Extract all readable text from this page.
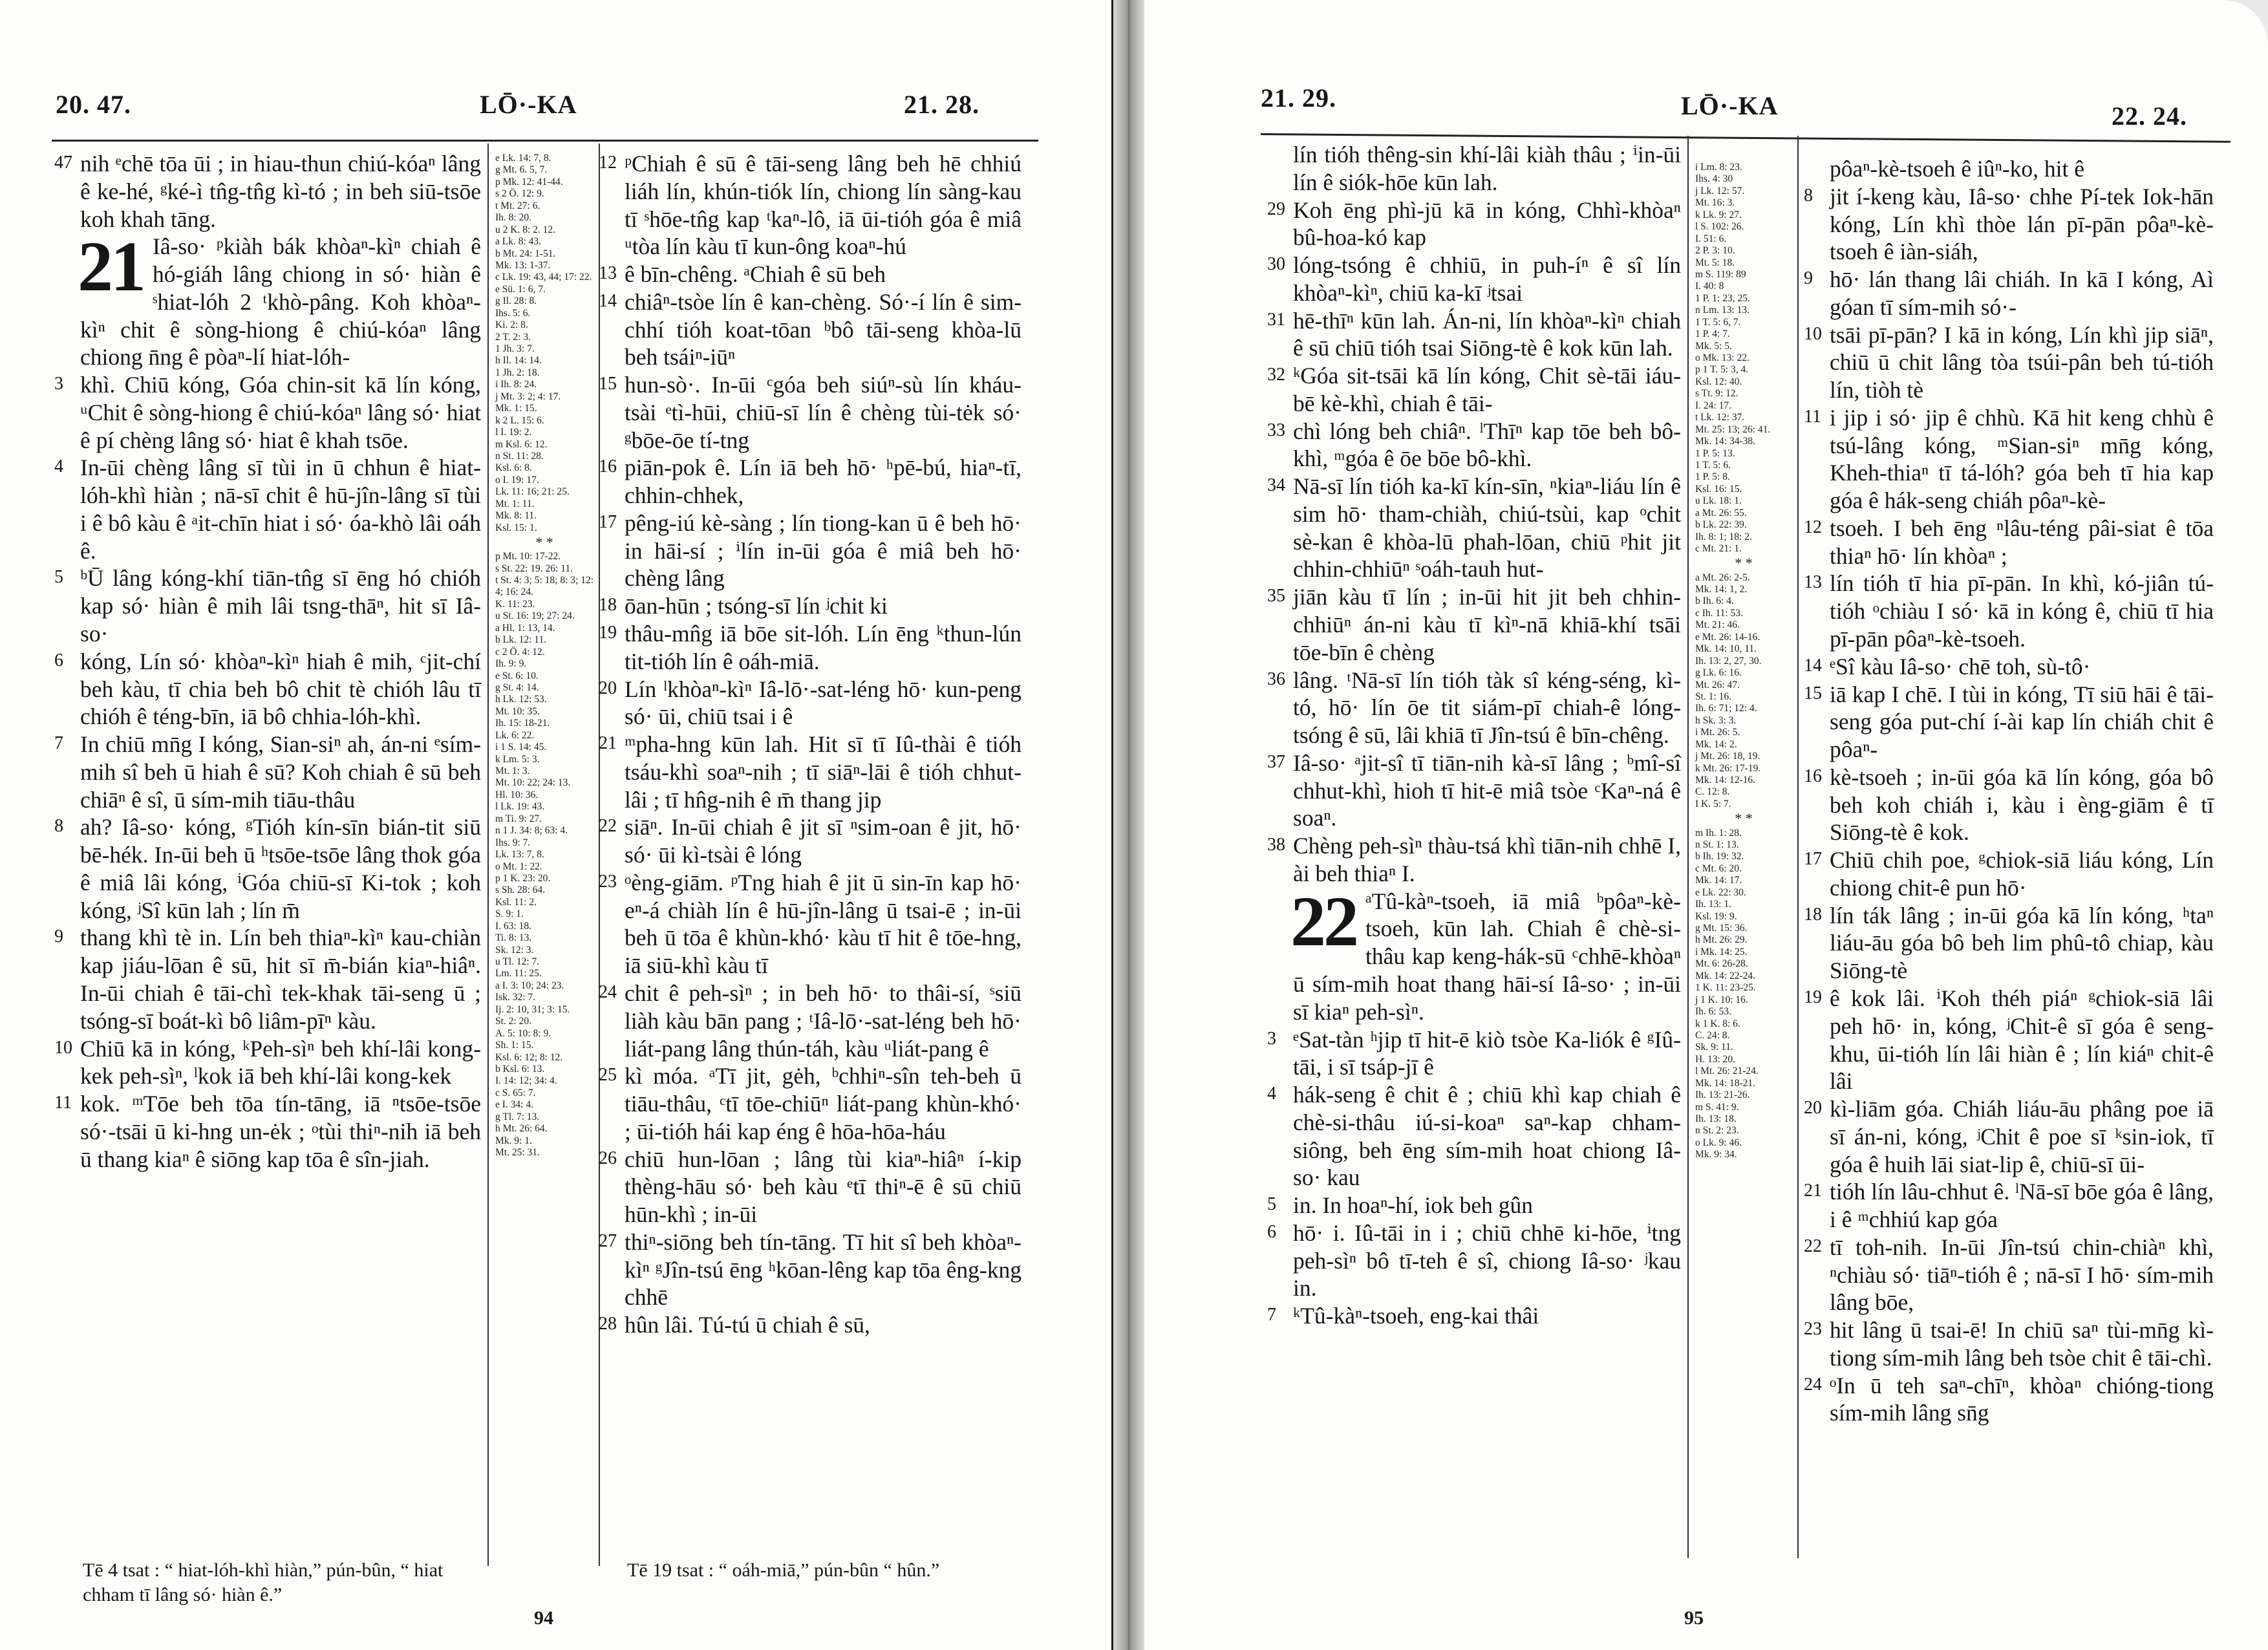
20. 47.	LŌ·-KA	21. 28.

47 nih ᵉchē tōa ūi ; in hiau-thun chiú-kóaⁿ lâng ê ke-hé, ᵍké-ì tn̂g-tn̂g kì-tó ; in beh siū-tsōe koh khah tāng.

21 Iâ-so· ᵖkiàh bák khòaⁿ-kìⁿ chiah ê hó-giáh lâng chiong in só· hiàn ê ˢhiat-lóh 2 ᵗkhò-pâng. Koh khòaⁿ-kìⁿ chit ê sòng-hiong ê chiú-kóaⁿ lâng chiong n̄ng ê pòaⁿ-lí hiat-lóh-

3 khì. Chiū kóng, Góa chin-sit kā lín kóng, ᵘChit ê sòng-hiong ê chiú-kóaⁿ lâng só· hiat ê pí chèng lâng só· hiat ê khah tsōe.

4 In-ūi chèng lâng sī tùi in ū chhun ê hiat-lóh-khì hiàn ; nā-sī chit ê hū-jîn-lâng sī tùi i ê bô kàu ê ᵃit-chīn hiat i só· óa-khò lâi oáh ê.

5 ᵇŪ lâng kóng-khí tiān-tn̂g sī ēng hó chióh kap só· hiàn ê mih lâi tsng-thāⁿ, hit sī Iâ-so·

6 kóng, Lín só· khòaⁿ-kìⁿ hiah ê mih, ᶜjit-chí beh kàu, tī chia beh bô chit tè chióh lâu tī chióh ê téng-bīn, iā bô chhia-lóh-khì.

7 In chiū mn̄g I kóng, Sian-siⁿ ah, án-ni ᵉsím-mih sî beh ū hiah ê sū? Koh chiah ê sū beh chiāⁿ ê sî, ū sím-mih tiāu-thâu

8 ah? Iâ-so· kóng, ᵍTióh kín-sīn bián-tit siū bē-hék. In-ūi beh ū ʰtsōe-tsōe lâng thok góa ê miâ lâi kóng, ⁱGóa chiū-sī Ki-tok ; koh kóng, ʲSî kūn lah ; lín m̄

9 thang khì tè in. Lín beh thiaⁿ-kìⁿ kau-chiàn kap jiáu-lōan ê sū, hit sī m̄-bián kiaⁿ-hiâⁿ. In-ūi chiah ê tāi-chì tek-khak tāi-seng ū ; tsóng-sī boát-kì bô liâm-pīⁿ kàu.

10 Chiū kā in kóng, ᵏPeh-sìⁿ beh khí-lâi kong-kek peh-sìⁿ, ˡkok iā beh khí-lâi kong-kek

11 kok. ᵐTōe beh tōa tín-tāng, iā ⁿtsōe-tsōe só·-tsāi ū ki-hng un-ėk ; ᵒtùi thiⁿ-nih iā beh ū thang kiaⁿ ê siōng kap tōa ê sîn-jiah.

e Lk. 14: 7, 8.
g Mt. 6. 5, 7.
p Mk. 12: 41-44.
s 2 Ö. 12: 9.
t Mt. 27: 6.
Ih. 8: 20.
u 2 K. 8: 2. 12.
a Lk. 8: 43.
b Mt. 24: 1-51.
Mk. 13: 1-37.
c Lk. 19: 43, 44; 17: 22.
e Sü. 1: 6, 7.
g Il. 28: 8.
Ihs. 5: 6.
Ki. 2: 8.
2 T. 2: 3.
1 Jh. 3: 7.
h Il. 14: 14.
1 Jh. 2: 18.
i Ih. 8: 24.
j Mt. 3: 2; 4: 17.
Mk. 1: 15.
k 2 L. 15: 6.
l I. 19: 2.
m Ksl. 6: 12.
n St. 11: 28.
Ksl. 6: 8.
o I. 19: 17.
Lk. 11: 16; 21: 25.
Mt. 1: 11.
Mk. 8: 11.
Ksl. 15: 1.
* *
p Mt. 10: 17-22.
s St. 22: 19. 26: 11.
t St. 4: 3; 5: 18; 8: 3; 12: 4; 16: 24.
K. 11: 23.
u St. 16: 19; 27: 24.
a Hl. 1: 13, 14.
b Lk. 12: 11.
c 2 Ö. 4: 12.
Ih. 9: 9.
e St. 6: 10.
g St. 4: 14.
h Lk. 12: 53.
Mt. 10: 35.
Ih. 15: 18-21.
Lk. 6: 22.
i 1 S. 14: 45.
k Lm. 5: 3.
Mt. 1: 3.
Mt. 10: 22; 24: 13.
Hl. 10: 36.
l Lk. 19: 43.
m Ti. 9: 27.
n 1 J. 34: 8; 63: 4.
Ihs. 9: 7.
Lk. 13: 7, 8.
o Mt. 1: 22.
p 1 K. 23: 20.
s Sh. 28: 64.
Ksl. 11: 2.
S. 9: 1.
I. 63: 18.
Ti. 8: 13.
Sk. 12: 3.
u Tl. 12: 7.
Lm. 11: 25.
a I. 3: 10; 24: 23.
Isk. 32: 7.
Ij. 2: 10, 31; 3: 15.
St. 2: 20.
A. 5: 10: 8: 9.
Sh. 1: 15.
Ksl. 6: 12; 8: 12.
b Ksl. 6: 13.
I. 14: 12; 34: 4.
c S. 65: 7.
e I. 34: 4.
g Tl. 7: 13.
h Mt. 26: 64.
Mk. 9: 1.
Mt. 25: 31.

12 ᵖChiah ê sū ê tāi-seng lâng beh hē chhiú liáh lín, khún-tiók lín, chiong lín sàng-kau tī ˢhōe-tn̂g kap ᵗkaⁿ-lô, iā ūi-tióh góa ê miâ ᵘtòa lín kàu tī kun-ông koaⁿ-hú

13 ê bīn-chêng. ᵃChiah ê sū beh

14 chiâⁿ-tsòe lín ê kan-chèng. Só·-í lín ê sim-chhí tióh koat-tōan ᵇbô tāi-seng khòa-lū beh tsáiⁿ-iūⁿ

15 hun-sò·. In-ūi ᶜgóa beh siúⁿ-sù lín kháu-tsài ᵉtì-hūi, chiū-sī lín ê chèng tùi-tėk só· ᵍbōe-ōe tí-tng

16 piān-pok ê. Lín iā beh hō· ʰpē-bú, hiaⁿ-tī, chhin-chhek,

17 pêng-iú kè-sàng ; lín tiong-kan ū ê beh hō· in hāi-sí ; ⁱlín in-ūi góa ê miâ beh hō· chèng lâng

18 ōan-hūn ; tsóng-sī lín ʲchit ki

19 thâu-mn̂g iā bōe sit-lóh. Lín ēng ᵏthun-lún tit-tióh lín ê oáh-miā.

20 Lín ˡkhòaⁿ-kìⁿ Iâ-lō·-sat-léng hō· kun-peng só· ūi, chiū tsai i ê

21 ᵐpha-hng kūn lah. Hit sī tī Iû-thài ê tióh tsáu-khì soaⁿ-nih ; tī siāⁿ-lāi ê tióh chhut-lâi ; tī hn̂g-nih ê m̄ thang jip

22 siāⁿ. In-ūi chiah ê jit sī ⁿsim-oan ê jit, hō· só· ūi kì-tsài ê lóng

23 ᵒèng-giām. ᵖTng hiah ê jit ū sin-īn kap hō· eⁿ-á chiàh lín ê hū-jîn-lâng ū tsai-ē ; in-ūi beh ū tōa ê khùn-khó· kàu tī hit ê tōe-hng, iā siū-khì kàu tī

24 chit ê peh-sìⁿ ; in beh hō· to thâi-sí, ˢsiū liàh kàu bān pang ; ᵗIâ-lō·-sat-léng beh hō· liát-pang lâng thún-táh, kàu ᵘliát-pang ê

25 kì móa. ᵃTī jit, gėh, ᵇchhiⁿ-sîn teh-beh ū tiāu-thâu, ᶜtī tōe-chiūⁿ liát-pang khùn-khó· ; ūi-tióh hái kap éng ê hōa-hōa-háu

26 chiū hun-lōan ; lâng tùi kiaⁿ-hiâⁿ í-kip thèng-hāu só· beh kàu ᵉtī thiⁿ-ē ê sū chiū hūn-khì ; in-ūi

27 thiⁿ-siōng beh tín-tāng. Tī hit sî beh khòaⁿ-kìⁿ ᵍJîn-tsú ēng ʰkōan-lêng kap tōa êng-kng chhē

28 hûn lâi. Tú-tú ū chiah ê sū,

Tē 4 tsat : “ hiat-lóh-khì hiàn,” pún-bûn, “ hiat chham tī lâng só· hiàn ê.”
Tē 19 tsat : “ oáh-miā,” pún-bûn “ hûn.”
94
21. 29.	LŌ·-KA	22. 24.

lín tióh thêng-sin khí-lâi kiàh thâu ; ⁱin-ūi lín ê siók-hōe kūn lah.

29 Koh ēng phì-jū kā in kóng, Chhì-khòaⁿ bû-hoa-kó kap

30 lóng-tsóng ê chhiū, in puh-íⁿ ê sî lín khòaⁿ-kìⁿ, chiū ka-kī ʲtsai

31 hē-thīⁿ kūn lah. Án-ni, lín khòaⁿ-kìⁿ chiah ê sū chiū tióh tsai Siōng-tè ê kok kūn lah.

32 ᵏGóa sit-tsāi kā lín kóng, Chit sè-tāi iáu-bē kè-khì, chiah ê tāi-

33 chì lóng beh chiâⁿ. ˡThīⁿ kap tōe beh bô-khì, ᵐgóa ê ōe bōe bô-khì.

34 Nā-sī lín tióh ka-kī kín-sīn, ⁿkiaⁿ-liáu lín ê sim hō· tham-chiàh, chiú-tsùi, kap ᵒchit sè-kan ê khòa-lū phah-lōan, chiū ᵖhit jit chhin-chhiūⁿ ˢoáh-tauh hut-

35 jiān kàu tī lín ; in-ūi hit jit beh chhin-chhiūⁿ án-ni kàu tī kìⁿ-nā khiā-khí tsāi tōe-bīn ê chèng

36 lâng. ᵗNā-sī lín tióh tàk sî kéng-séng, kì-tó, hō· lín ōe tit siám-pī chiah-ê lóng-tsóng ê sū, lâi khiā tī Jîn-tsú ê bīn-chêng.

37 Iâ-so· ᵃjit-sî tī tiān-nih kà-sī lâng ; ᵇmî-sî chhut-khì, hioh tī hit-ē miâ tsòe ᶜKaⁿ-ná ê soaⁿ.

38 Chèng peh-sìⁿ thàu-tsá khì tiān-nih chhē I, ài beh thiaⁿ I.

22 ᵃTû-kàⁿ-tsoeh, iā miâ ᵇpôaⁿ-kè-tsoeh, kūn lah. Chiah ê chè-si-thâu kap keng-hák-sū ᶜchhē-khòaⁿ ū sím-mih hoat thang hāi-sí Iâ-so· ; in-ūi sī kiaⁿ peh-sìⁿ.

3 ᵉSat-tàn ʰjip tī hit-ē kiò tsòe Ka-liók ê ᵍIû-tāi, i sī tsáp-jī ê

4 hák-seng ê chit ê ; chiū khì kap chiah ê chè-si-thâu iú-si-koaⁿ saⁿ-kap chham-siông, beh ēng sím-mih hoat chiong Iâ-so· kau

5 in. In hoaⁿ-hí, iok beh gûn

6 hō· i. Iû-tāi in i ; chiū chhē ki-hōe, ⁱtng peh-sìⁿ bô tī-teh ê sî, chiong Iâ-so· ʲkau in.

7 ᵏTû-kàⁿ-tsoeh, eng-kai thâi

i Lm. 8: 23.
Ihs. 4: 30
j Lk. 12: 57.
Mt. 16: 3.
k Lk. 9: 27.
l S. 102: 26.
I. 51: 6.
2 P. 3: 10.
Mt. 5: 18.
m S. 119: 89
I. 40: 8
1 P. 1: 23, 25.
n Lm. 13: 13.
1 T. 5: 6, 7.
1 P. 4: 7.
Mk. 5: 5.
o Mk. 13: 22.
p 1 T. 5: 3, 4.
Ksl. 12: 40.
s Tt. 9: 12.
I. 24: 17.
t Lk. 12: 37.
Mt. 25: 13; 26: 41.
Mk. 14: 34-38.
1 P. 5: 13.
1 T. 5: 6.
1 P. 5: 8.
Ksl. 16: 15.
u Lk. 18: 1.
a Mt. 26: 55.
b Lk. 22: 39.
Ih. 8: 1; 18: 2.
c Mt. 21: 1.
* *
a Mt. 26: 2-5.
Mk. 14: 1, 2.
b Ih. 6: 4.
c Ih. 11: 53.
Mt. 21: 46.
e Mt. 26: 14-16.
Mk. 14: 10, 11.
Ih. 13: 2, 27, 30.
g Lk. 6: 16.
Mt. 26: 47.
St. 1: 16.
Ih. 6: 71; 12: 4.
h Sk. 3: 3.
i Mt. 26: 5.
Mk. 14: 2.
j Mt. 26: 18, 19.
k Mt. 26: 17-19.
Mk. 14: 12-16.
C. 12: 8.
I K. 5: 7.
* *
m Ih. 1: 28.
n St. 1: 13.
b Ih. 19: 32.
c Mt. 6: 20.
Mk. 14: 17.
e Lk. 22: 30.
Ih. 13: 1.
Ksl. 19: 9.
g Mt. 15: 36.
h Mt. 26: 29.
i Mk. 14: 25.
Mt. 6: 26-28.
Mk. 14: 22-24.
1 K. 11: 23-25.
j 1 K. 10: 16.
Ih. 6: 53.
k 1 K. 8: 6.
C. 24: 8.
Sk. 9: 11.
H. 13: 20.
l Mt. 26: 21-24.
Mk. 14: 18-21.
Ih. 13: 21-26.
m S. 41: 9.
Ih. 13: 18.
n St. 2: 23.
o Lk. 9: 46.
Mk. 9: 34.

pôaⁿ-kè-tsoeh ê iûⁿ-ko, hit ê

8 jit í-keng kàu, Iâ-so· chhe Pí-tek Iok-hān kóng, Lín khì thòe lán pī-pān pôaⁿ-kè-tsoeh ê iàn-siáh,

9 hō· lán thang lâi chiáh. In kā I kóng, Aì góan tī sím-mih só·-

10 tsāi pī-pān? I kā in kóng, Lín khì jip siāⁿ, chiū ū chit lâng tòa tsúi-pân beh tú-tióh lín, tiòh tè

11 i jip i só· jip ê chhù. Kā hit keng chhù ê tsú-lâng kóng, ᵐSian-siⁿ mn̄g kóng, Kheh-thiaⁿ tī tá-lóh? góa beh tī hia kap góa ê hák-seng chiáh pôaⁿ-kè-

12 tsoeh. I beh ēng ⁿlâu-téng pâi-siat ê tōa thiaⁿ hō· lín khòaⁿ ;

13 lín tióh tī hia pī-pān. In khì, kó-jiân tú-tióh ᵒchiàu I só· kā in kóng ê, chiū tī hia pī-pān pôaⁿ-kè-tsoeh.

14 ᵉSî kàu Iâ-so· chē toh, sù-tô·

15 iā kap I chē. I tùi in kóng, Tī siū hāi ê tāi-seng góa put-chí í-ài kap lín chiáh chit ê pôaⁿ-

16 kè-tsoeh ; in-ūi góa kā lín kóng, góa bô beh koh chiáh i, kàu i èng-giām ê tī Siōng-tè ê kok.

17 Chiū chih poe, ᵍchiok-siā liáu kóng, Lín chiong chit-ê pun hō·

18 lín ták lâng ; in-ūi góa kā lín kóng, ʰtaⁿ liáu-āu góa bô beh lim phû-tô chiap, kàu Siōng-tè

19 ê kok lâi. ⁱKoh théh piáⁿ ᵍchiok-siā lâi peh hō· in, kóng, ʲChit-ê sī góa ê seng-khu, ūi-tióh lín lâi hiàn ê ; lín kiáⁿ chit-ê lâi

20 kì-liām góa. Chiáh liáu-āu phâng poe iā sī án-ni, kóng, ʲChit ê poe sī ᵏsin-iok, tī góa ê huih lāi siat-lip ê, chiū-sī ūi-

21 tióh lín lâu-chhut ê. ˡNā-sī bōe góa ê lâng, i ê ᵐchhiú kap góa

22 tī toh-nih. In-ūi Jîn-tsú chin-chiàⁿ khì, ⁿchiàu só· tiāⁿ-tióh ê ; nā-sī I hō· sím-mih lâng bōe,

23 hit lâng ū tsai-ē! In chiū saⁿ tùi-mn̄g kì-tiong sím-mih lâng beh tsòe chit ê tāi-chì.

24 ᵒIn ū teh saⁿ-chīⁿ, khòaⁿ chióng-tiong sím-mih lâng sn̄g

95
